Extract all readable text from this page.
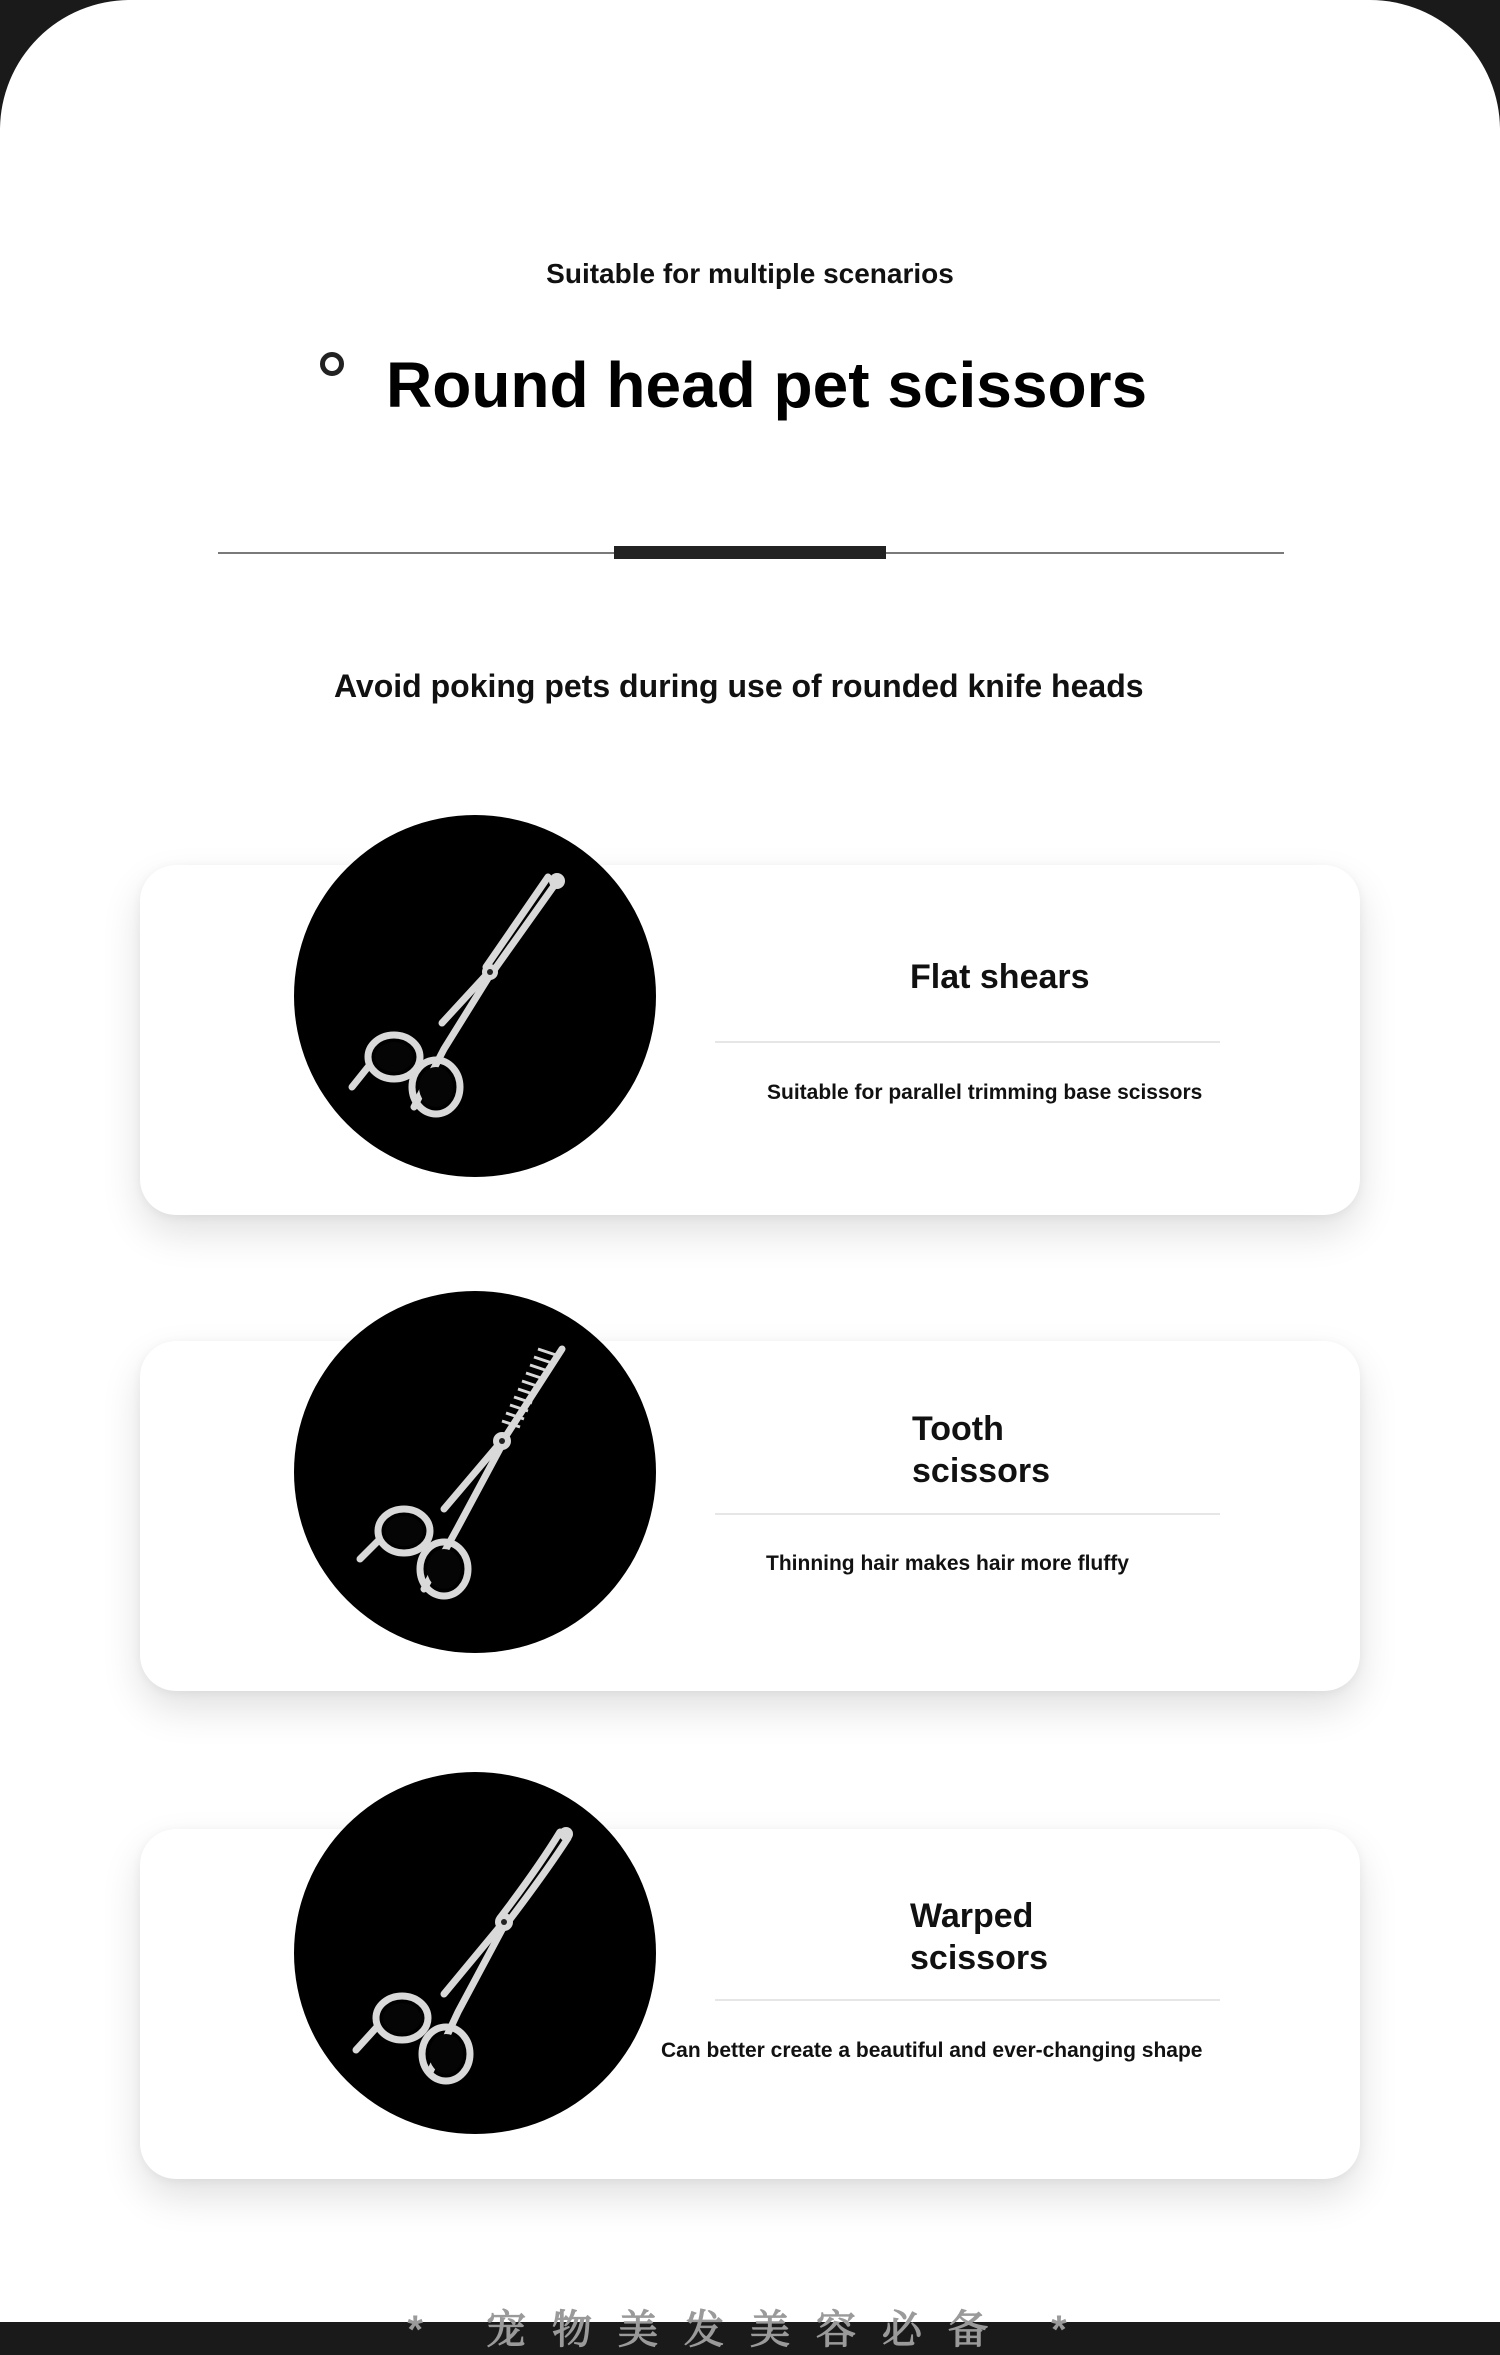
Suitable for multiple scenarios
Round head pet scissors
Avoid poking pets during use of rounded knife heads
Flat shears
Suitable for parallel trimming base scissors
Tooth
scissors
Thinning hair makes hair more fluffy
Warped
scissors
Can better create a beautiful and ever-changing shape
* 宠物美发美容必备 *
